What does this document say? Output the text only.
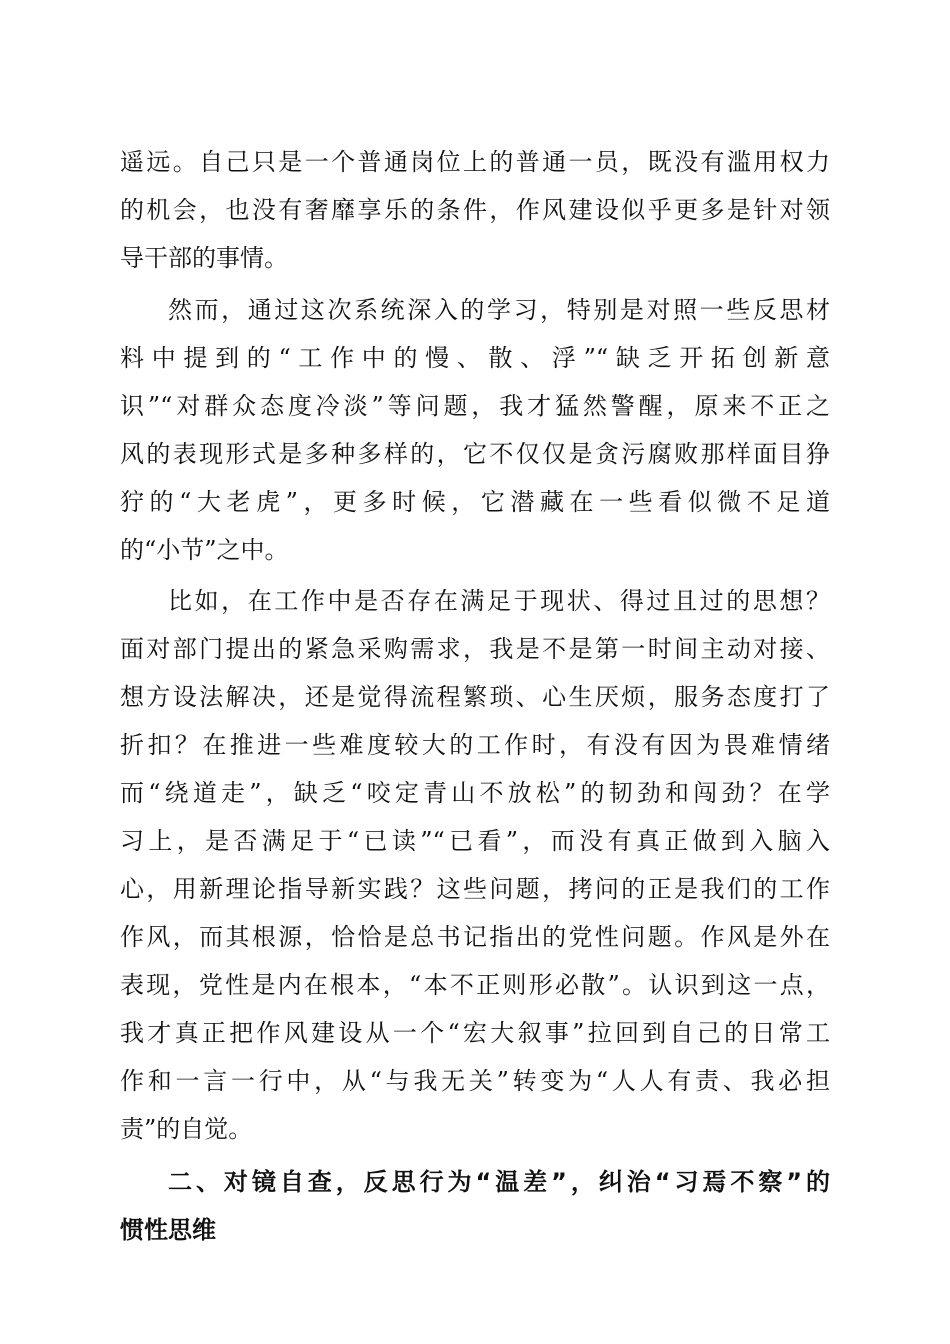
遥远。自己只是一个普通岗位上的普通一员，既没有滥用权力
的机会，也没有奢靡享乐的条件，作风建设似乎更多是针对领
导干部的事情。
然而，通过这次系统深入的学习，特别是对照一些反思材
料中提到的“工作中的慢、散、浮”“缺乏开拓创新意
识”“对群众态度冷淡”等问题，我才猛然警醒，原来不正之
风的表现形式是多种多样的，它不仅仅是贪污腐败那样面目狰
狞的“大老虎”，更多时候，它潜藏在一些看似微不足道
的“小节”之中。
比如，在工作中是否存在满足于现状、得过且过的思想？
面对部门提出的紧急采购需求，我是不是第一时间主动对接、
想方设法解决，还是觉得流程繁琐、心生厌烦，服务态度打了
折扣？在推进一些难度较大的工作时，有没有因为畏难情绪
而“绕道走”，缺乏“咬定青山不放松”的韧劲和闯劲？在学
习上，是否满足于“已读”“已看”，而没有真正做到入脑入
心，用新理论指导新实践？这些问题，拷问的正是我们的工作
作风，而其根源，恰恰是总书记指出的党性问题。作风是外在
表现，党性是内在根本，“本不正则形必散”。认识到这一点，
我才真正把作风建设从一个“宏大叙事”拉回到自己的日常工
作和一言一行中，从“与我无关”转变为“人人有责、我必担
责”的自觉。
二、对镜自查，反思行为“温差”，纠治“习焉不察”的
惯性思维
